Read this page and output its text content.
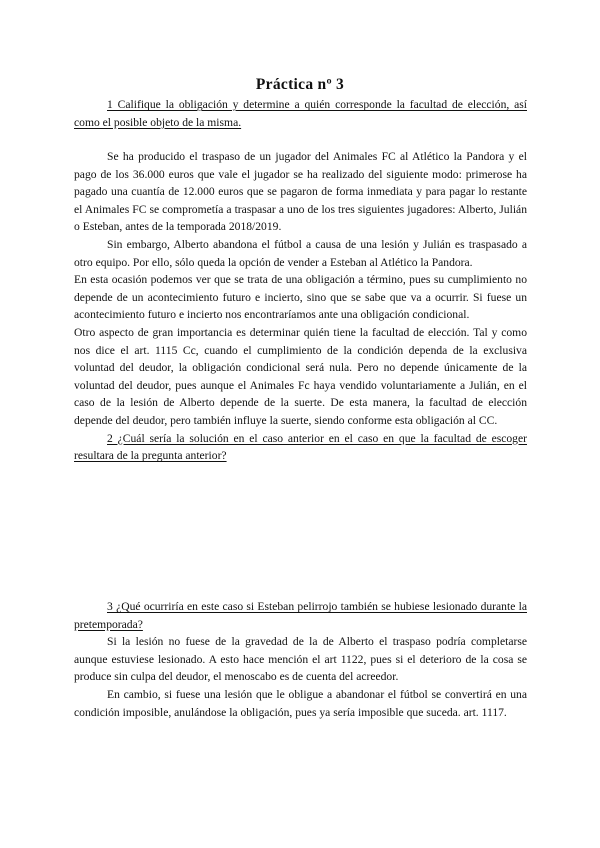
Práctica nº 3

1 Califique la obligación y determine a quién corresponde la facultad de elección, así como el posible objeto de la misma.

Se ha producido el traspaso de un jugador del Animales FC al Atlético la Pandora y el pago de los 36.000 euros que vale el jugador se ha realizado del siguiente modo: primerose ha pagado una cuantía de 12.000 euros que se pagaron de forma inmediata y para pagar lo restante el Animales FC se comprometía a traspasar a uno de los tres siguientes jugadores: Alberto, Julián o Esteban, antes de la temporada 2018/2019.

Sin embargo, Alberto abandona el fútbol a causa de una lesión y Julián es traspasado a otro equipo. Por ello, sólo queda la opción de vender a Esteban al Atlético la Pandora.

En esta ocasión podemos ver que se trata de una obligación a término, pues su cumplimiento no depende de un acontecimiento futuro e incierto, sino que se sabe que va a ocurrir. Si fuese un acontecimiento futuro e incierto nos encontraríamos ante una obligación condicional.

Otro aspecto de gran importancia es determinar quién tiene la facultad de elección. Tal y como nos dice el art. 1115 Cc, cuando el cumplimiento de la condición dependa de la exclusiva voluntad del deudor, la obligación condicional será nula. Pero no depende únicamente de la voluntad del deudor, pues aunque el Animales Fc haya vendido voluntariamente a Julián, en el caso de la lesión de Alberto depende de la suerte. De esta manera, la facultad de elección depende del deudor, pero también influye la suerte, siendo conforme esta obligación al CC.

2 ¿Cuál sería la solución en el caso anterior en el caso en que la facultad de escoger resultara de la pregunta anterior?

3 ¿Qué ocurriría en este caso si Esteban pelirrojo también se hubiese lesionado durante la pretemporada?

Si la lesión no fuese de la gravedad de la de Alberto el traspaso podría completarse aunque estuviese lesionado. A esto hace mención el art 1122, pues si el deterioro de la cosa se produce sin culpa del deudor, el menoscabo es de cuenta del acreedor.

En cambio, si fuese una lesión que le obligue a abandonar el fútbol se convertirá en una condición imposible, anulándose la obligación, pues ya sería imposible que suceda. art. 1117.
